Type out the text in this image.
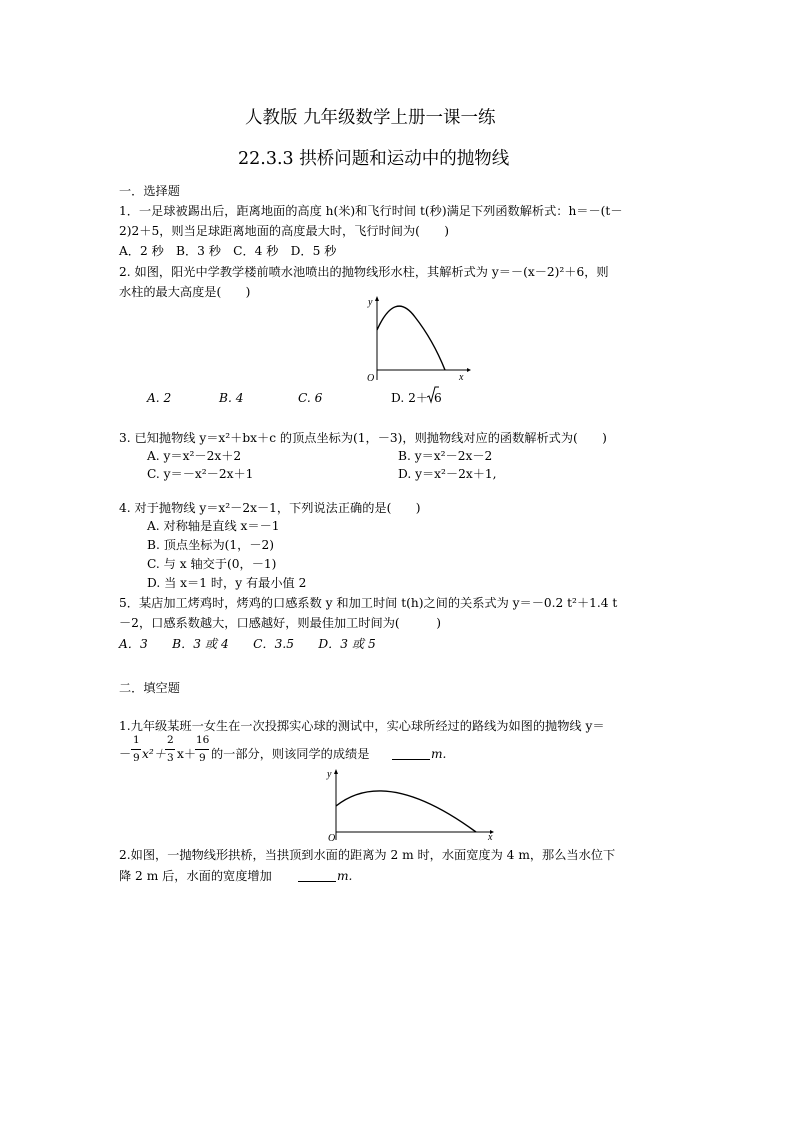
人教版 九年级数学上册一课一练
22.3.3 拱桥问题和运动中的抛物线
一．选择题
1．一足球被踢出后，距离地面的高度 h(米)和飞行时间 t(秒)满足下列函数解析式：h＝－(t－
2)2＋5，则当足球距离地面的高度最大时，飞行时间为(　　)
A．2 秒　B．3 秒　C．4 秒　D．5 秒
2. 如图，阳光中学教学楼前喷水池喷出的抛物线形水柱，其解析式为 y＝－(x－2)²＋6，则
水柱的最大高度是(　　)
y
x
O
A. 2	B. 4	C. 6	D. 2＋ 6
3. 已知抛物线 y＝x²＋bx＋c 的顶点坐标为(1，－3)，则抛物线对应的函数解析式为(　　)
A. y＝x²－2x＋2	B. y＝x²－2x－2
C. y＝－x²－2x＋1	D. y＝x²－2x＋1,
4. 对于抛物线 y＝x²－2x－1，下列说法正确的是(　　)
A. 对称轴是直线 x＝－1
B. 顶点坐标为(1，－2)
C. 与 x 轴交于(0，－1)
D. 当 x＝1 时，y 有最小值 2
5．某店加工烤鸡时，烤鸡的口感系数 y 和加工时间 t(h)之间的关系式为 y＝－0.2 t²＋1.4 t
－2，口感系数越大，口感越好，则最佳加工时间为(　　　)
A．3　　B．3 或 4　　C．3.5　　D．3 或 5
二．填空题
1.九年级某班一女生在一次投掷实心球的测试中，实心球所经过的路线为如图的抛物线 y＝
－
1
9 x²＋
2
3 x＋
16
9 的一部分，则该同学的成绩是	m.
y
x
O
2.如图，一抛物线形拱桥，当拱顶到水面的距离为 2 m 时，水面宽度为 4 m，那么当水位下
降 2 m 后，水面的宽度增加	m.
